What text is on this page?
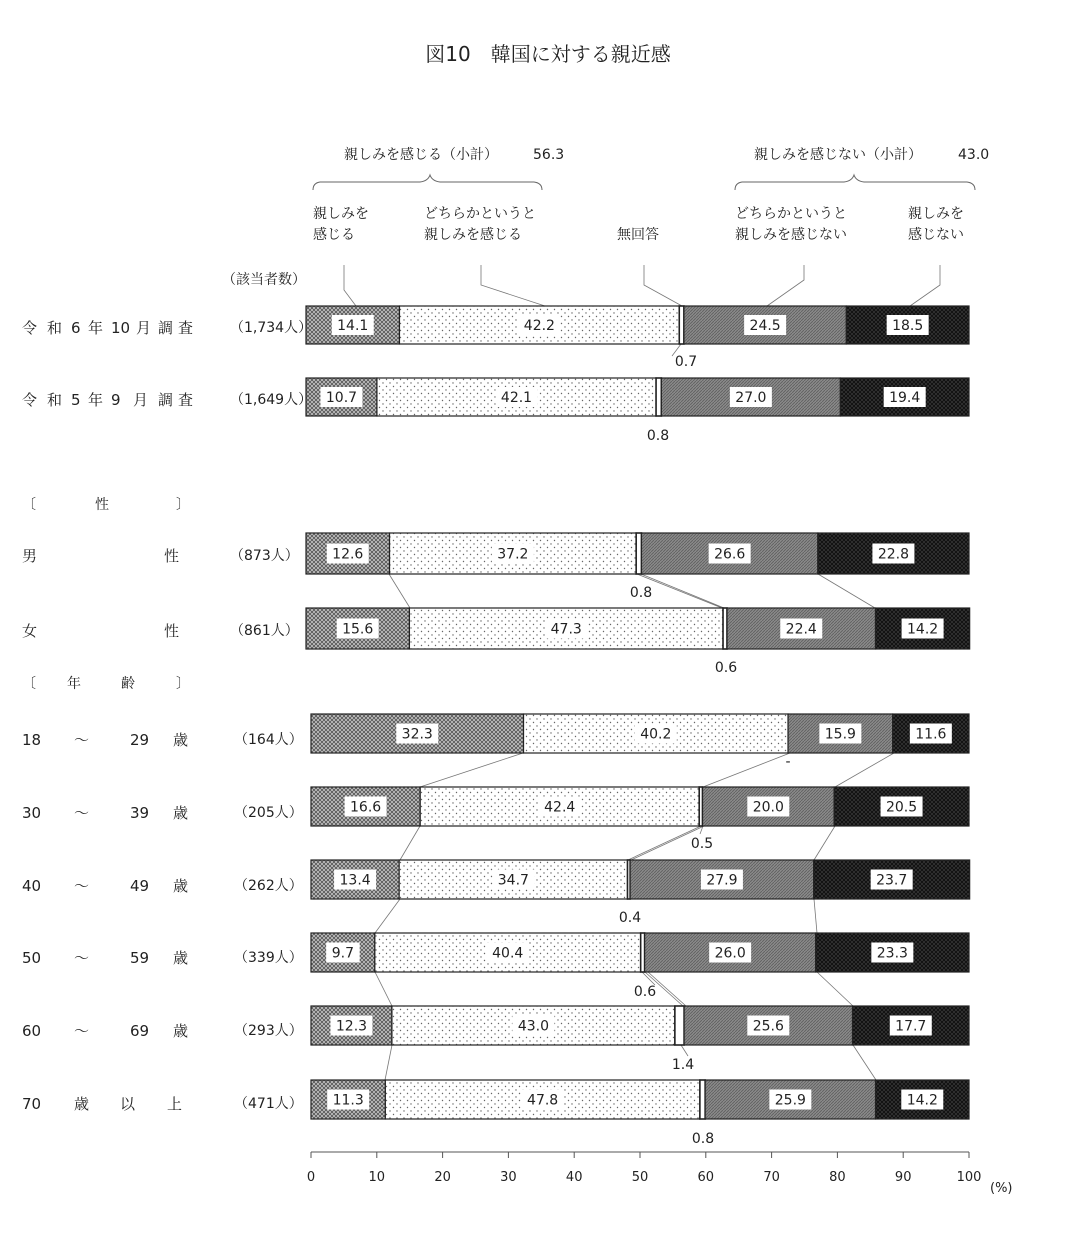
図10　韓国に対する親近感
親しみを感じる（小計）	56.3	親しみを感じない（小計）	43.0
親しみを
感じる
どちらかというと
親しみを感じる	無回答
どちらかというと
親しみを感じない
親しみを
感じない
（該当者数）
〔	性	〕
〔 年	齢	〕
14.1	42.2
0.7
24.5	18.5
令 和 6 年 10 月 調 査	（1,734人）
10.7	42.1
0.8
27.0	19.4
令 和 5 年 9 月 調 査	（1,649人）
12.6	37.2
0.8
26.6	22.8
男	性	（873人）
15.6	47.3
0.6
22.4	14.2
女	性	（861人）
32.3	40.2
-
15.9	11.6
18 ～	29 歳	（164人）
16.6	42.4
0.5
20.0	20.5
30 ～	39 歳	（205人）
13.4	34.7
0.4
27.9	23.7
40 ～	49 歳	（262人）
9.7	40.4
0.6
26.0	23.3
50 ～	59 歳	（339人）
12.3	43.0
1.4
25.6	17.7
60 ～	69 歳	（293人）
11.3	47.8
0.8
25.9	14.2
70 歳 以 上	（471人）
0	10	20	30	40	50	60	70	80	90	100
(%)
